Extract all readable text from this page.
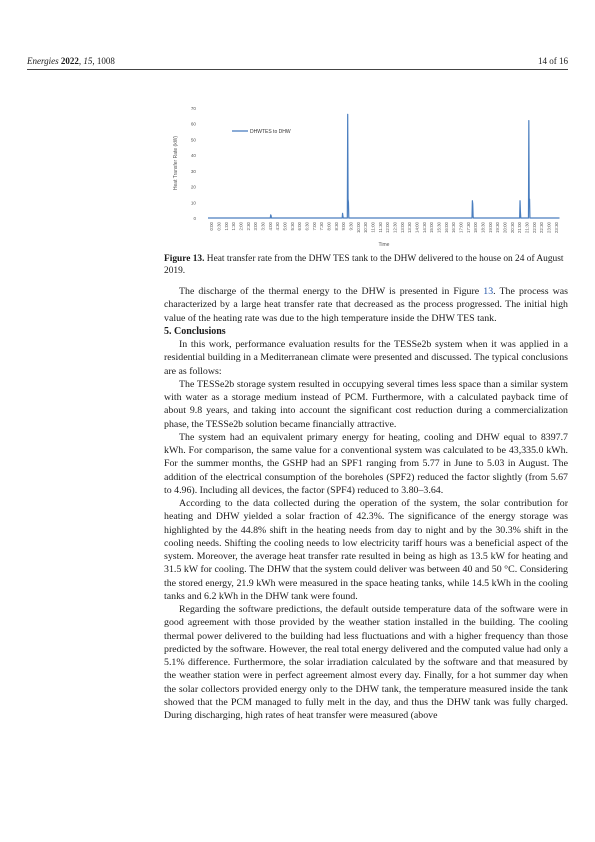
Energies 2022, 15, 1008	14 of 16
0
10
20
30
40
50
60
70
0:00 0:30 1:00 1:30 2:00 2:30 3:00 3:30 4:00 4:30 5:00 5:30 6:00 6:30 7:00 7:30 8:00 8:30 9:00 9:30 10:00 10:30 11:00 11:30 12:00 12:30 13:00 13:30 14:00 14:30 15:00 15:30 16:00 16:30 17:00 17:30 18:00 18:30 19:00 19:30 20:00 20:30 21:00 21:30 22:00 22:30 23:00 23:30
DHWTES to DHW
Heat Transfer Rate (kW)
Time
Figure 13. Heat transfer rate from the DHW TES tank to the DHW delivered to the house on 24 of August 2019.

The discharge of the thermal energy to the DHW is presented in Figure 13. The process was characterized by a large heat transfer rate that decreased as the process progressed. The initial high value of the heating rate was due to the high temperature inside the DHW TES tank.

5. Conclusions

In this work, performance evaluation results for the TESSe2b system when it was applied in a residential building in a Mediterranean climate were presented and discussed. The typical conclusions are as follows:

The TESSe2b storage system resulted in occupying several times less space than a similar system with water as a storage medium instead of PCM. Furthermore, with a calculated payback time of about 9.8 years, and taking into account the significant cost reduction during a commercialization phase, the TESSe2b solution became financially attractive.

The system had an equivalent primary energy for heating, cooling and DHW equal to 8397.7 kWh. For comparison, the same value for a conventional system was calculated to be 43,335.0 kWh. For the summer months, the GSHP had an SPF1 ranging from 5.77 in June to 5.03 in August. The addition of the electrical consumption of the boreholes (SPF2) reduced the factor slightly (from 5.67 to 4.96). Including all devices, the factor (SPF4) reduced to 3.80–3.64.

According to the data collected during the operation of the system, the solar contribution for heating and DHW yielded a solar fraction of 42.3%. The significance of the energy storage was highlighted by the 44.8% shift in the heating needs from day to night and by the 30.3% shift in the cooling needs. Shifting the cooling needs to low electricity tariff hours was a beneficial aspect of the system. Moreover, the average heat transfer rate resulted in being as high as 13.5 kW for heating and 31.5 kW for cooling. The DHW that the system could deliver was between 40 and 50 °C. Considering the stored energy, 21.9 kWh were measured in the space heating tanks, while 14.5 kWh in the cooling tanks and 6.2 kWh in the DHW tank were found.

Regarding the software predictions, the default outside temperature data of the software were in good agreement with those provided by the weather station installed in the building. The cooling thermal power delivered to the building had less fluctuations and with a higher frequency than those predicted by the software. However, the real total energy delivered and the computed value had only a 5.1% difference. Furthermore, the solar irradiation calculated by the software and that measured by the weather station were in perfect agreement almost every day. Finally, for a hot summer day when the solar collectors provided energy only to the DHW tank, the temperature measured inside the tank showed that the PCM managed to fully melt in the day, and thus the DHW tank was fully charged. During discharging, high rates of heat transfer were measured (above
